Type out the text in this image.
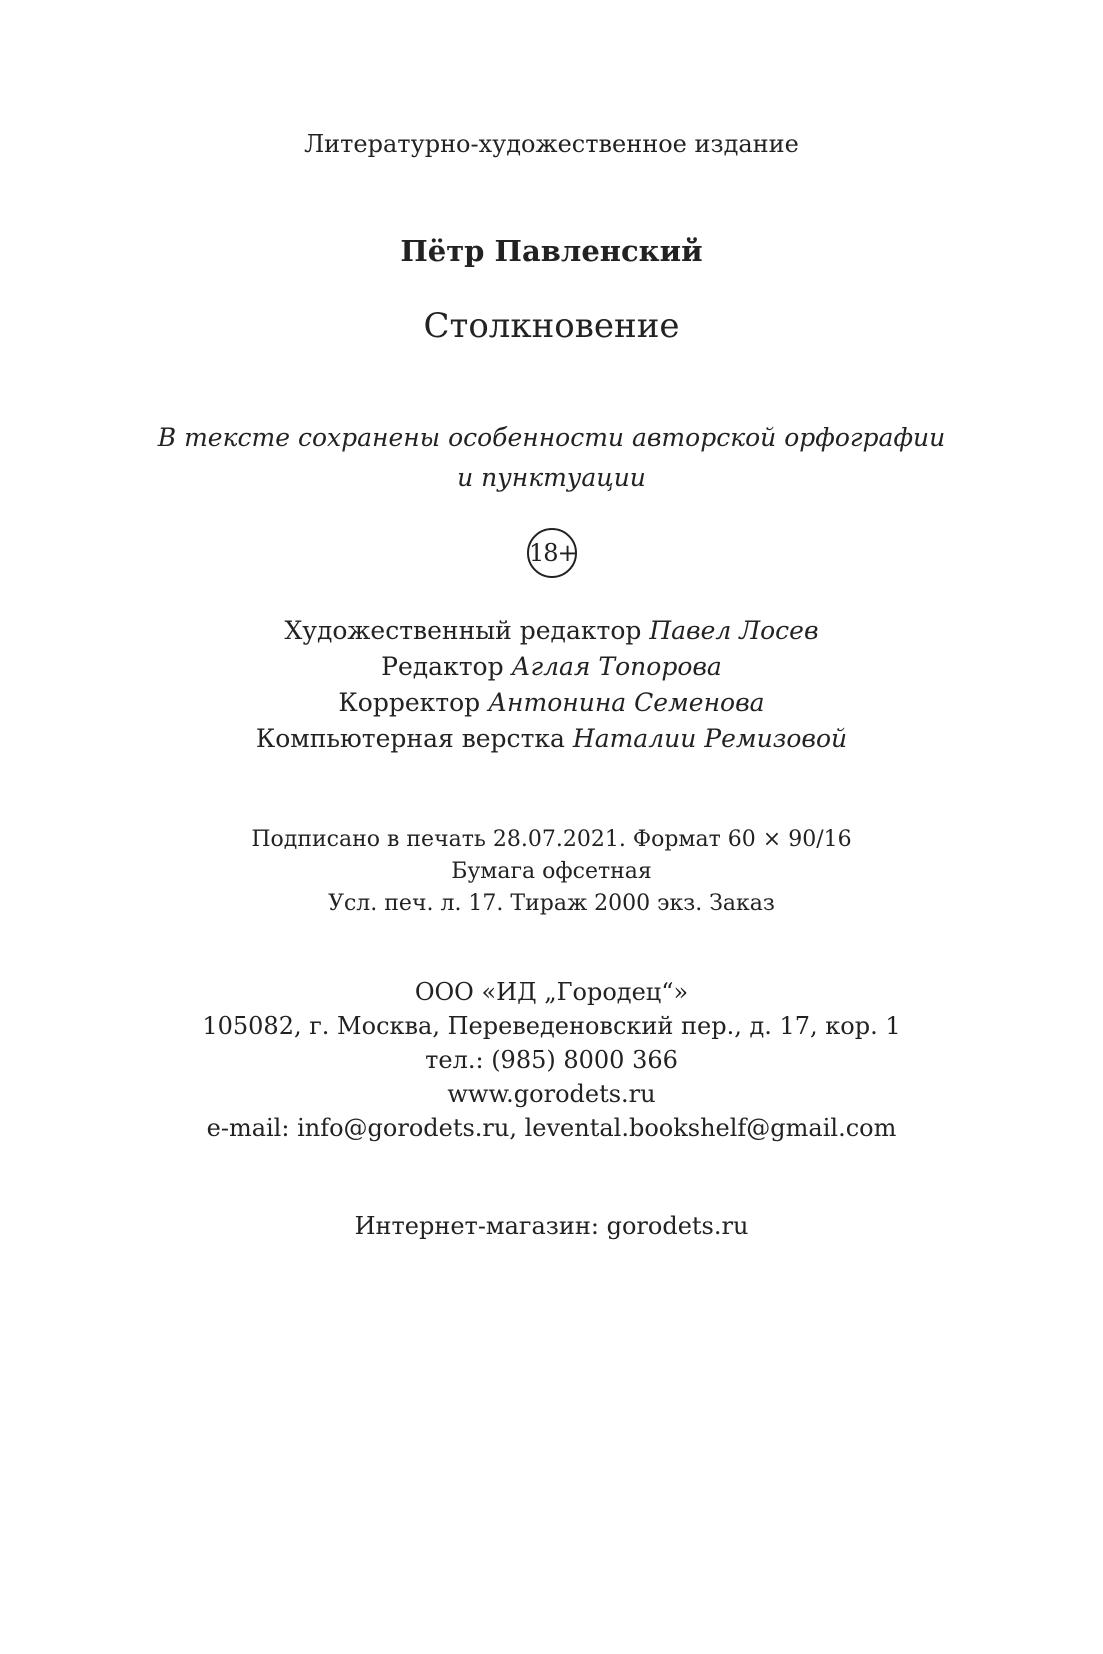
Литературно-художественное издание

Пётр Павленский

Столкновение

В тексте сохранены особенности авторской орфографии

и пунктуации

18+

Художественный редактор Павел Лосев

Редактор Аглая Топорова

Корректор Антонина Семенова

Компьютерная верстка Наталии Ремизовой

Подписано в печать 28.07.2021. Формат 60 × 90/16

Бумага офсетная

Усл. печ. л. 17. Тираж 2000 экз. Заказ

ООО «ИД „Городец“»

105082, г. Москва, Переведеновский пер., д. 17, кор. 1

тел.: (985) 8000 366

www.gorodets.ru

e-mail: info@gorodets.ru, levental.bookshelf@gmail.com

Интернет-магазин: gorodets.ru
